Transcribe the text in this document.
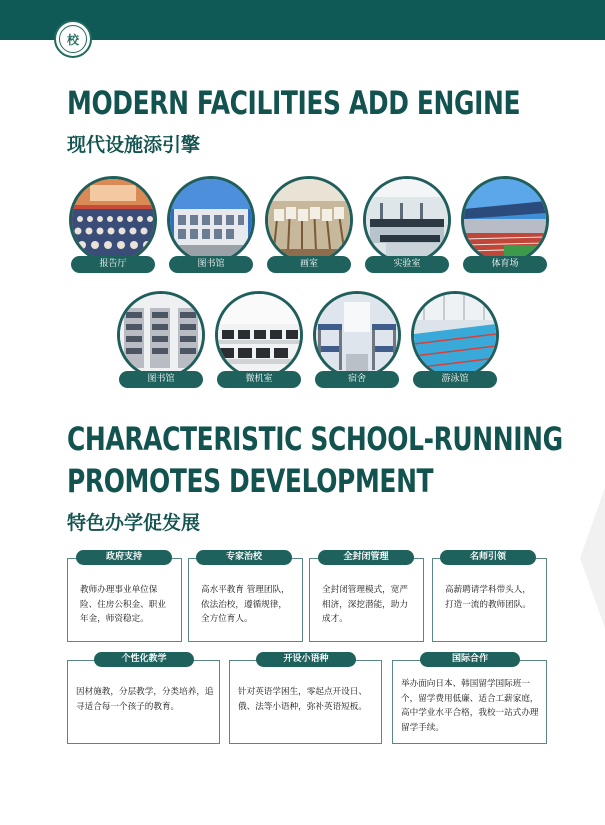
校
MODERN FACILITIES ADD ENGINE
现代设施添引擎
报告厅	图书馆	画室	实验室	体育场
图书馆	微机室	宿舍	游泳馆
CHARACTERISTIC SCHOOL-RUNNING
PROMOTES DEVELOPMENT
特色办学促发展

教师办理事业单位保险、住房公积金、职业年金，师资稳定。

政府支持

高水平教育 管理团队，依法治校，遵循规律，全方位育人。

专家治校

全封闭管理模式，宽严相济，深挖潜能，助力成才。

全封闭管理

高薪聘请学科带头人，打造一流的教师团队。

名师引领

因材施教，分层教学，分类培养，追寻适合每一个孩子的教育。

个性化教学

针对英语学困生，零起点开设日、俄、法等小语种，弥补英语短板。

开设小语种

举办面向日本、韩国留学国际班一个，留学费用低廉、适合工薪家庭，高中学业水平合格，我校一站式办理留学手续。

国际合作
